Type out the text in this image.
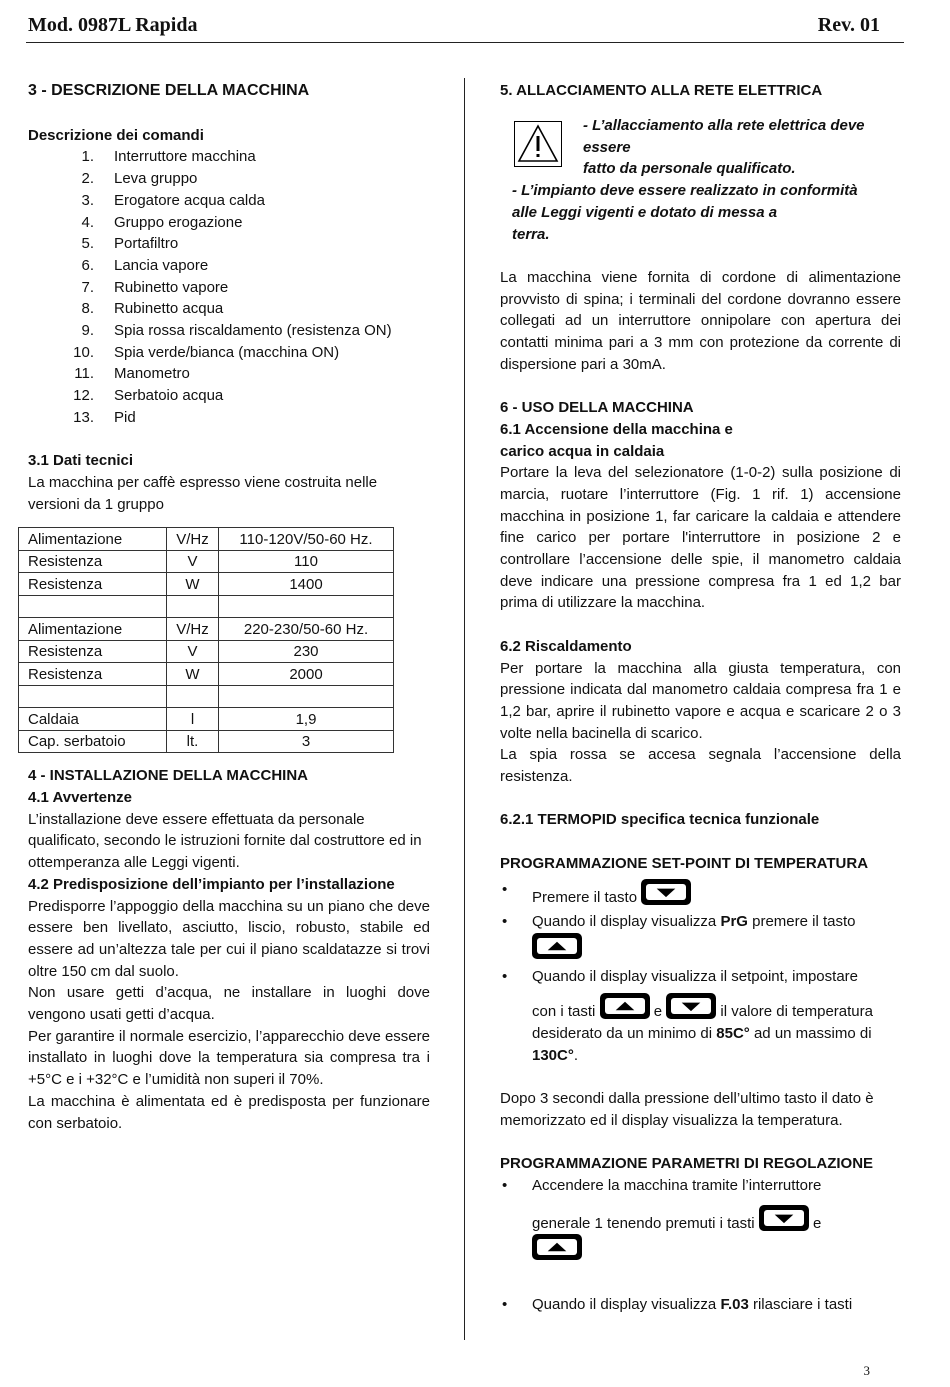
Mod. 0987L Rapida	Rev. 01

3 - DESCRIZIONE DELLA MACCHINA

Descrizione dei comandi

1.	Interruttore macchina
2.	Leva gruppo
3.	Erogatore acqua calda
4.	Gruppo erogazione
5.	Portafiltro
6.	Lancia vapore
7.	Rubinetto vapore
8.	Rubinetto acqua
9.	Spia rossa riscaldamento (resistenza ON)
10.	Spia verde/bianca (macchina ON)
11.	Manometro
12.	Serbatoio acqua
13.	Pid

3.1 Dati tecnici

La macchina per caffè espresso viene costruita nelle versioni da 1 gruppo

Alimentazione	V/Hz	110-120V/50-60 Hz.
Resistenza	V	110
Resistenza	W	1400

Alimentazione	V/Hz	220-230/50-60 Hz.
Resistenza	V	230
Resistenza	W	2000

Caldaia	l	1,9
Cap. serbatoio	lt.	3

4 - INSTALLAZIONE DELLA MACCHINA

4.1 Avvertenze

L’installazione deve essere effettuata da personale qualificato, secondo le istruzioni fornite dal costruttore ed in ottemperanza alle Leggi vigenti.

4.2 Predisposizione dell’impianto per l’installazione

Predisporre l’appoggio della macchina su un piano che deve essere ben livellato, asciutto, liscio, robusto, stabile ed essere ad un’altezza tale per cui il piano scaldatazze si trovi oltre 150 cm dal suolo.

Non usare getti d’acqua, ne installare in luoghi dove vengono usati getti d’acqua.

Per garantire il normale esercizio, l’apparecchio deve essere installato in luoghi dove la temperatura sia compresa tra i +5°C e i +32°C e l’umidità non superi il 70%.

La macchina è alimentata ed è predisposta per funzionare con serbatoio.

5. ALLACCIAMENTO ALLA RETE ELETTRICA

- L’allacciamento alla rete elettrica deve

essere

fatto da personale qualificato.

- L’impianto deve essere realizzato in conformità

alle Leggi vigenti e dotato di messa a

terra.

La macchina viene fornita di cordone di alimentazione provvisto di spina; i terminali del cordone dovranno essere collegati ad un interruttore onnipolare con apertura dei contatti minima pari a 3 mm con protezione da corrente di dispersione pari a 30mA.

6 - USO DELLA MACCHINA

6.1 Accensione della macchina e

carico acqua in caldaia

Portare la leva del selezionatore (1-0-2) sulla posizione di marcia, ruotare l’interruttore (Fig. 1 rif. 1) accensione macchina in posizione 1, far caricare la caldaia e attendere fine carico per portare l'interruttore in posizione 2 e controllare l’accensione delle spie, il manometro caldaia deve indicare una pressione compresa fra 1 ed 1,2 bar prima di utilizzare la macchina.

6.2 Riscaldamento

Per portare la macchina alla giusta temperatura, con pressione indicata dal manometro caldaia compresa fra 1 e 1,2 bar, aprire il rubinetto vapore e acqua e scaricare 2 o 3 volte nella bacinella di scarico.

La spia rossa se accesa segnala l’accensione della resistenza.

6.2.1 TERMOPID specifica tecnica funzionale

PROGRAMMAZIONE SET-POINT DI TEMPERATURA

• Premere il tasto
• Quando il display visualizza PrG premere il tasto

• Quando il display visualizza il setpoint, impostare
con i tasti	e	il valore di temperatura desiderato da un minimo di 85C° ad un massimo di 130C°.

Dopo 3 secondi dalla pressione dell’ultimo tasto il dato è memorizzato ed il display visualizza la temperatura.

PROGRAMMAZIONE PARAMETRI DI REGOLAZIONE

• Accendere la macchina tramite l’interruttore
generale 1 tenendo premuti i tasti	e
• Quando il display visualizza F.03 rilasciare i tasti
3
